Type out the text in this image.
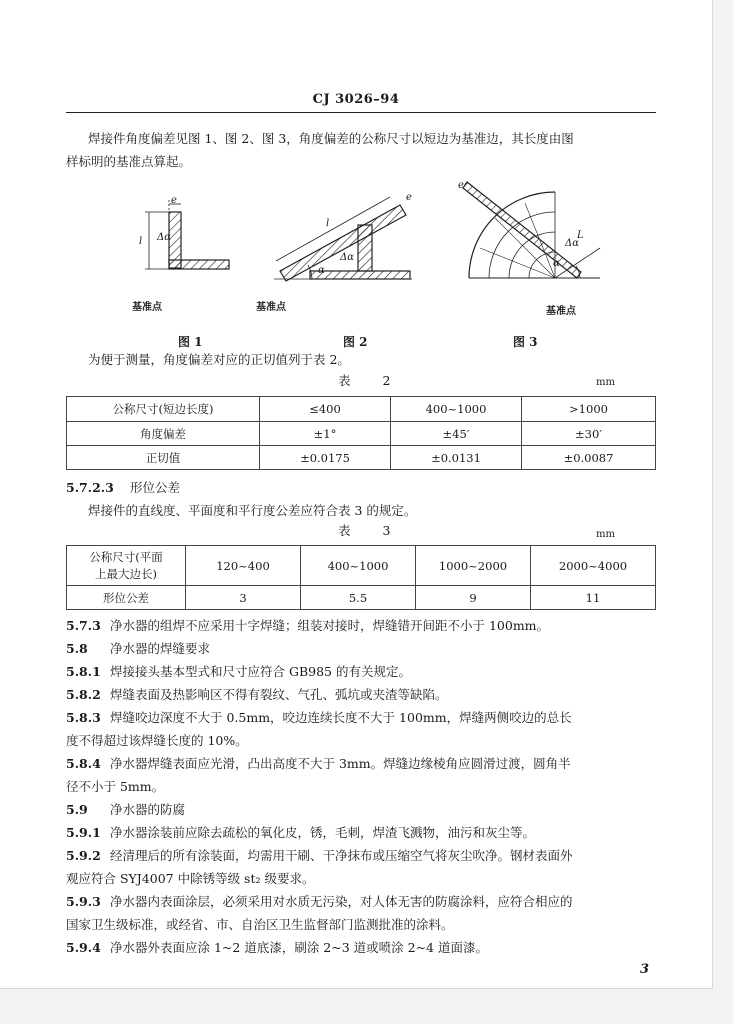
CJ 3026–94
焊接件角度偏差见图 1、图 2、图 3，角度偏差的公称尺寸以短边为基准边，其长度由图
样标明的基准点算起。
e
l Δα
基准点
e
l
α
Δα
基准点
e
L
Δα
α
基准点
图 1	图 2	图 3
为便于测量，角度偏差对应的正切值列于表 2。
表 2	mm
公称尺寸(短边长度)	≤400	400~1000	>1000
角度偏差	±1°	±45′	±30′
正切值	±0.0175	±0.0131	±0.0087
5.7.2.3 形位公差
焊接件的直线度、平面度和平行度公差应符合表 3 的规定。
表 3	mm
公称尺寸(平面
上最大边长)	120~400	400~1000	1000~2000	2000~4000
形位公差	3	5.5	9	11
5.7.3 净水器的组焊不应采用十字焊缝；组装对接时，焊缝错开间距不小于 100mm。
5.8 净水器的焊缝要求
5.8.1 焊接接头基本型式和尺寸应符合 GB985 的有关规定。
5.8.2 焊缝表面及热影响区不得有裂纹、气孔、弧坑或夹渣等缺陷。
5.8.3 焊缝咬边深度不大于 0.5mm，咬边连续长度不大于 100mm，焊缝两侧咬边的总长
度不得超过该焊缝长度的 10%。
5.8.4 净水器焊缝表面应光滑，凸出高度不大于 3mm。焊缝边缘棱角应圆滑过渡，圆角半
径不小于 5mm。
5.9 净水器的防腐
5.9.1 净水器涂装前应除去疏松的氧化皮，锈，毛刺，焊渣飞溅物，油污和灰尘等。
5.9.2 经清理后的所有涂装面，均需用干刷、干净抹布或压缩空气将灰尘吹净。钢材表面外
观应符合 SYJ4007 中除锈等级 st₂ 级要求。
5.9.3 净水器内表面涂层，必须采用对水质无污染，对人体无害的防腐涂料，应符合相应的
国家卫生级标准，或经省、市、自治区卫生监督部门监测批准的涂料。
5.9.4 净水器外表面应涂 1~2 道底漆，刷涂 2~3 道或喷涂 2~4 道面漆。
3
